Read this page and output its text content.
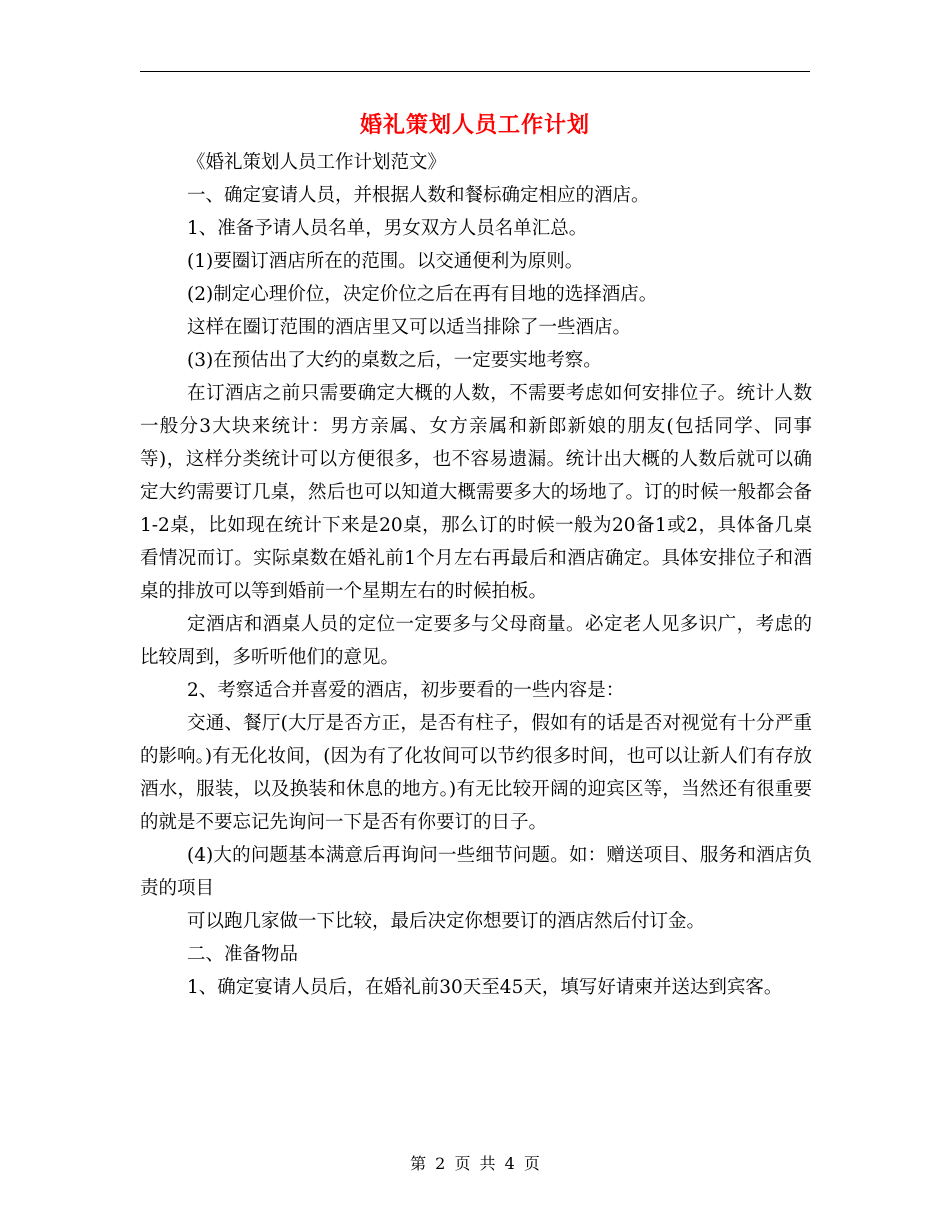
婚礼策划人员工作计划

《婚礼策划人员工作计划范文》

一、确定宴请人员，并根据人数和餐标确定相应的酒店。

1、准备予请人员名单，男女双方人员名单汇总。

(1)要圈订酒店所在的范围。以交通便利为原则。

(2)制定心理价位，决定价位之后在再有目地的选择酒店。

这样在圈订范围的酒店里又可以适当排除了一些酒店。

(3)在预估出了大约的桌数之后，一定要实地考察。

在订酒店之前只需要确定大概的人数，不需要考虑如何安排位子。统计人数一般分3大块来统计：男方亲属、女方亲属和新郎新娘的朋友(包括同学、同事等)，这样分类统计可以方便很多，也不容易遗漏。统计出大概的人数后就可以确定大约需要订几桌，然后也可以知道大概需要多大的场地了。订的时候一般都会备1-2桌，比如现在统计下来是20桌，那么订的时候一般为20备1或2，具体备几桌看情况而订。实际桌数在婚礼前1个月左右再最后和酒店确定。具体安排位子和酒桌的排放可以等到婚前一个星期左右的时候拍板。

定酒店和酒桌人员的定位一定要多与父母商量。必定老人见多识广，考虑的比较周到，多听听他们的意见。

2、考察适合并喜爱的酒店，初步要看的一些内容是：

交通、餐厅(大厅是否方正，是否有柱子，假如有的话是否对视觉有十分严重的影响。)有无化妆间，(因为有了化妆间可以节约很多时间，也可以让新人们有存放酒水，服装，以及换装和休息的地方。)有无比较开阔的迎宾区等，当然还有很重要的就是不要忘记先询问一下是否有你要订的日子。

(4)大的问题基本满意后再询问一些细节问题。如：赠送项目、服务和酒店负责的项目

可以跑几家做一下比较，最后决定你想要订的酒店然后付订金。

二、准备物品

1、确定宴请人员后，在婚礼前30天至45天，填写好请柬并送达到宾客。

第 2 页 共 4 页
